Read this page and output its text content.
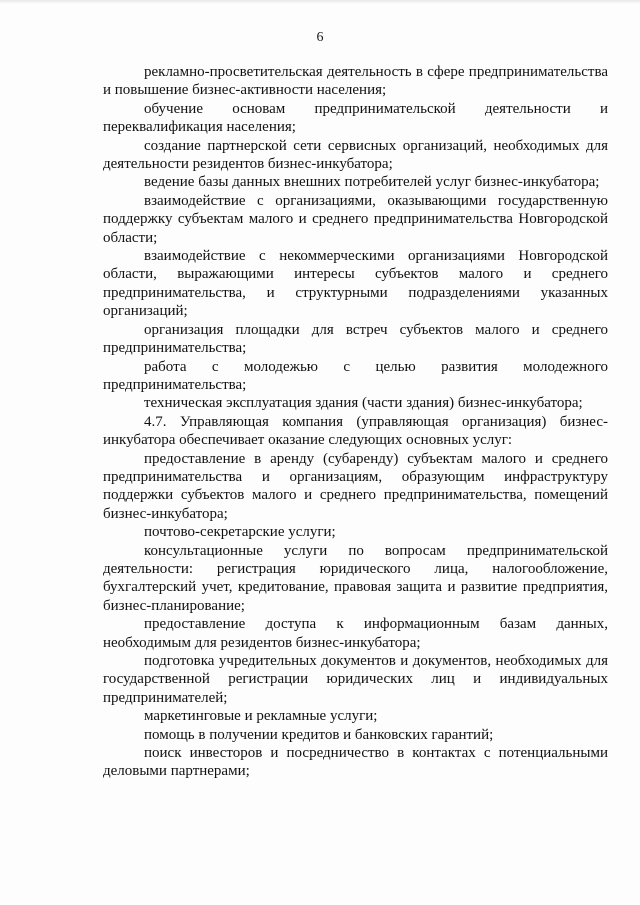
6

рекламно-просветительская деятельность в сфере предпринимательства и повышение бизнес-активности населения;

обучение основам предпринимательской деятельности и переквалификация населения;

создание партнерской сети сервисных организаций, необходимых для деятельности резидентов бизнес-инкубатора;

ведение базы данных внешних потребителей услуг бизнес-инкубатора;

взаимодействие с организациями, оказывающими государственную поддержку субъектам малого и среднего предпринимательства Новгородской области;

взаимодействие с некоммерческими организациями Новгородской области, выражающими интересы субъектов малого и среднего предпринимательства, и структурными подразделениями указанных организаций;

организация площадки для встреч субъектов малого и среднего предпринимательства;

работа с молодежью с целью развития молодежного предпринимательства;

техническая эксплуатация здания (части здания) бизнес-инкубатора;

4.7. Управляющая компания (управляющая организация) бизнес-инкубатора обеспечивает оказание следующих основных услуг:

предоставление в аренду (субаренду) субъектам малого и среднего предпринимательства и организациям, образующим инфраструктуру поддержки субъектов малого и среднего предпринимательства, помещений бизнес-инкубатора;

почтово-секретарские услуги;

консультационные услуги по вопросам предпринимательской деятельности: регистрация юридического лица, налогообложение, бухгалтерский учет, кредитование, правовая защита и развитие предприятия, бизнес-планирование;

предоставление доступа к информационным базам данных, необходимым для резидентов бизнес-инкубатора;

подготовка учредительных документов и документов, необходимых для государственной регистрации юридических лиц и индивидуальных предпринимателей;

маркетинговые и рекламные услуги;

помощь в получении кредитов и банковских гарантий;

поиск инвесторов и посредничество в контактах с потенциальными деловыми партнерами;
